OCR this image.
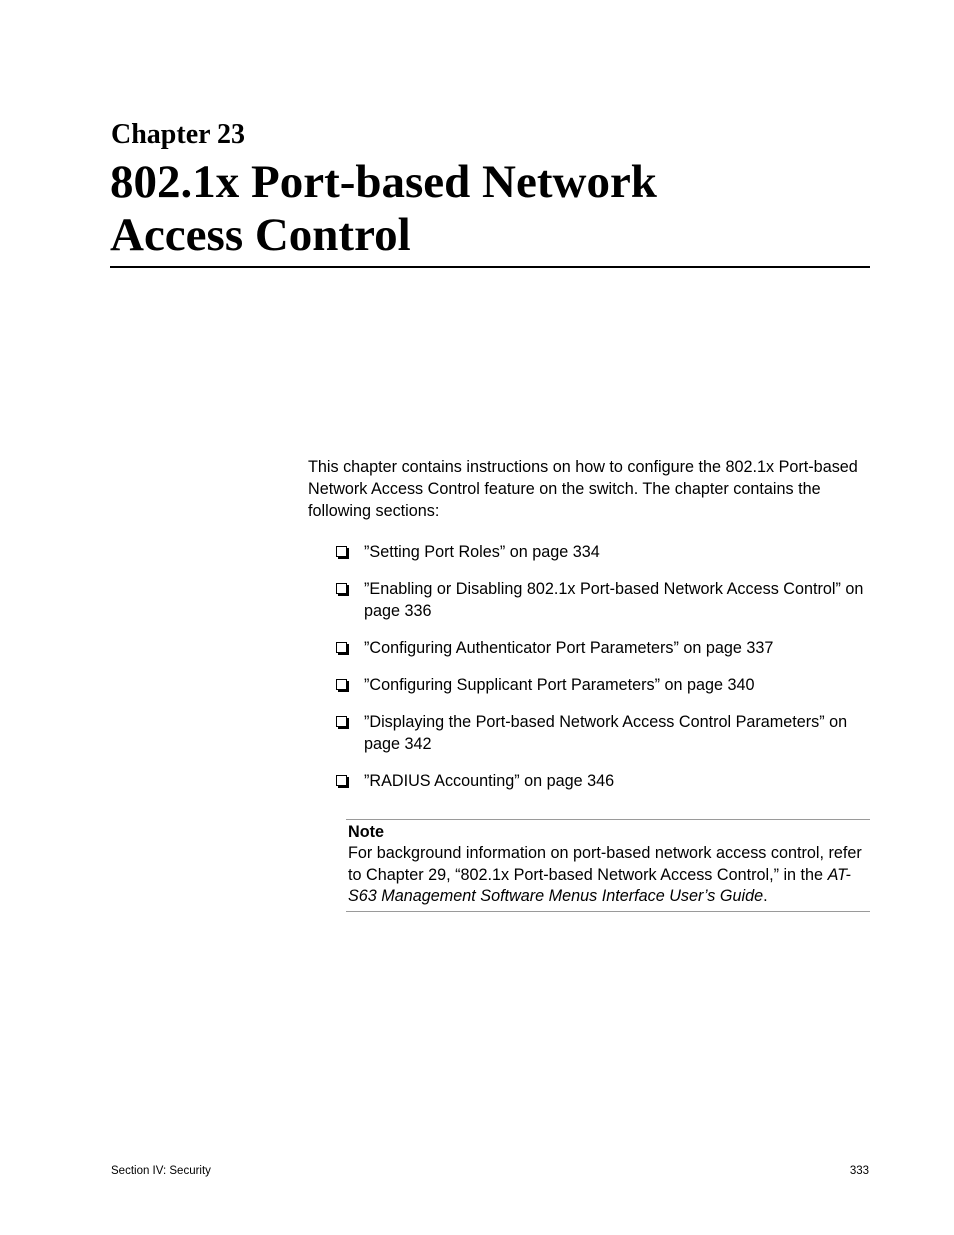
Chapter 23
802.1x Port-based Network
Access Control

This chapter contains instructions on how to configure the 802.1x Port-based Network Access Control feature on the switch. The chapter contains the following sections:

”Setting Port Roles” on page 334
”Enabling or Disabling 802.1x Port-based Network Access Control” on page 336
”Configuring Authenticator Port Parameters” on page 337
”Configuring Supplicant Port Parameters” on page 340
”Displaying the Port-based Network Access Control Parameters” on page 342
”RADIUS Accounting” on page 346
Note
For background information on port-based network access control, refer to Chapter 29, “802.1x Port-based Network Access Control,” in the AT-S63 Management Software Menus Interface User’s Guide.
Section IV: Security	333
